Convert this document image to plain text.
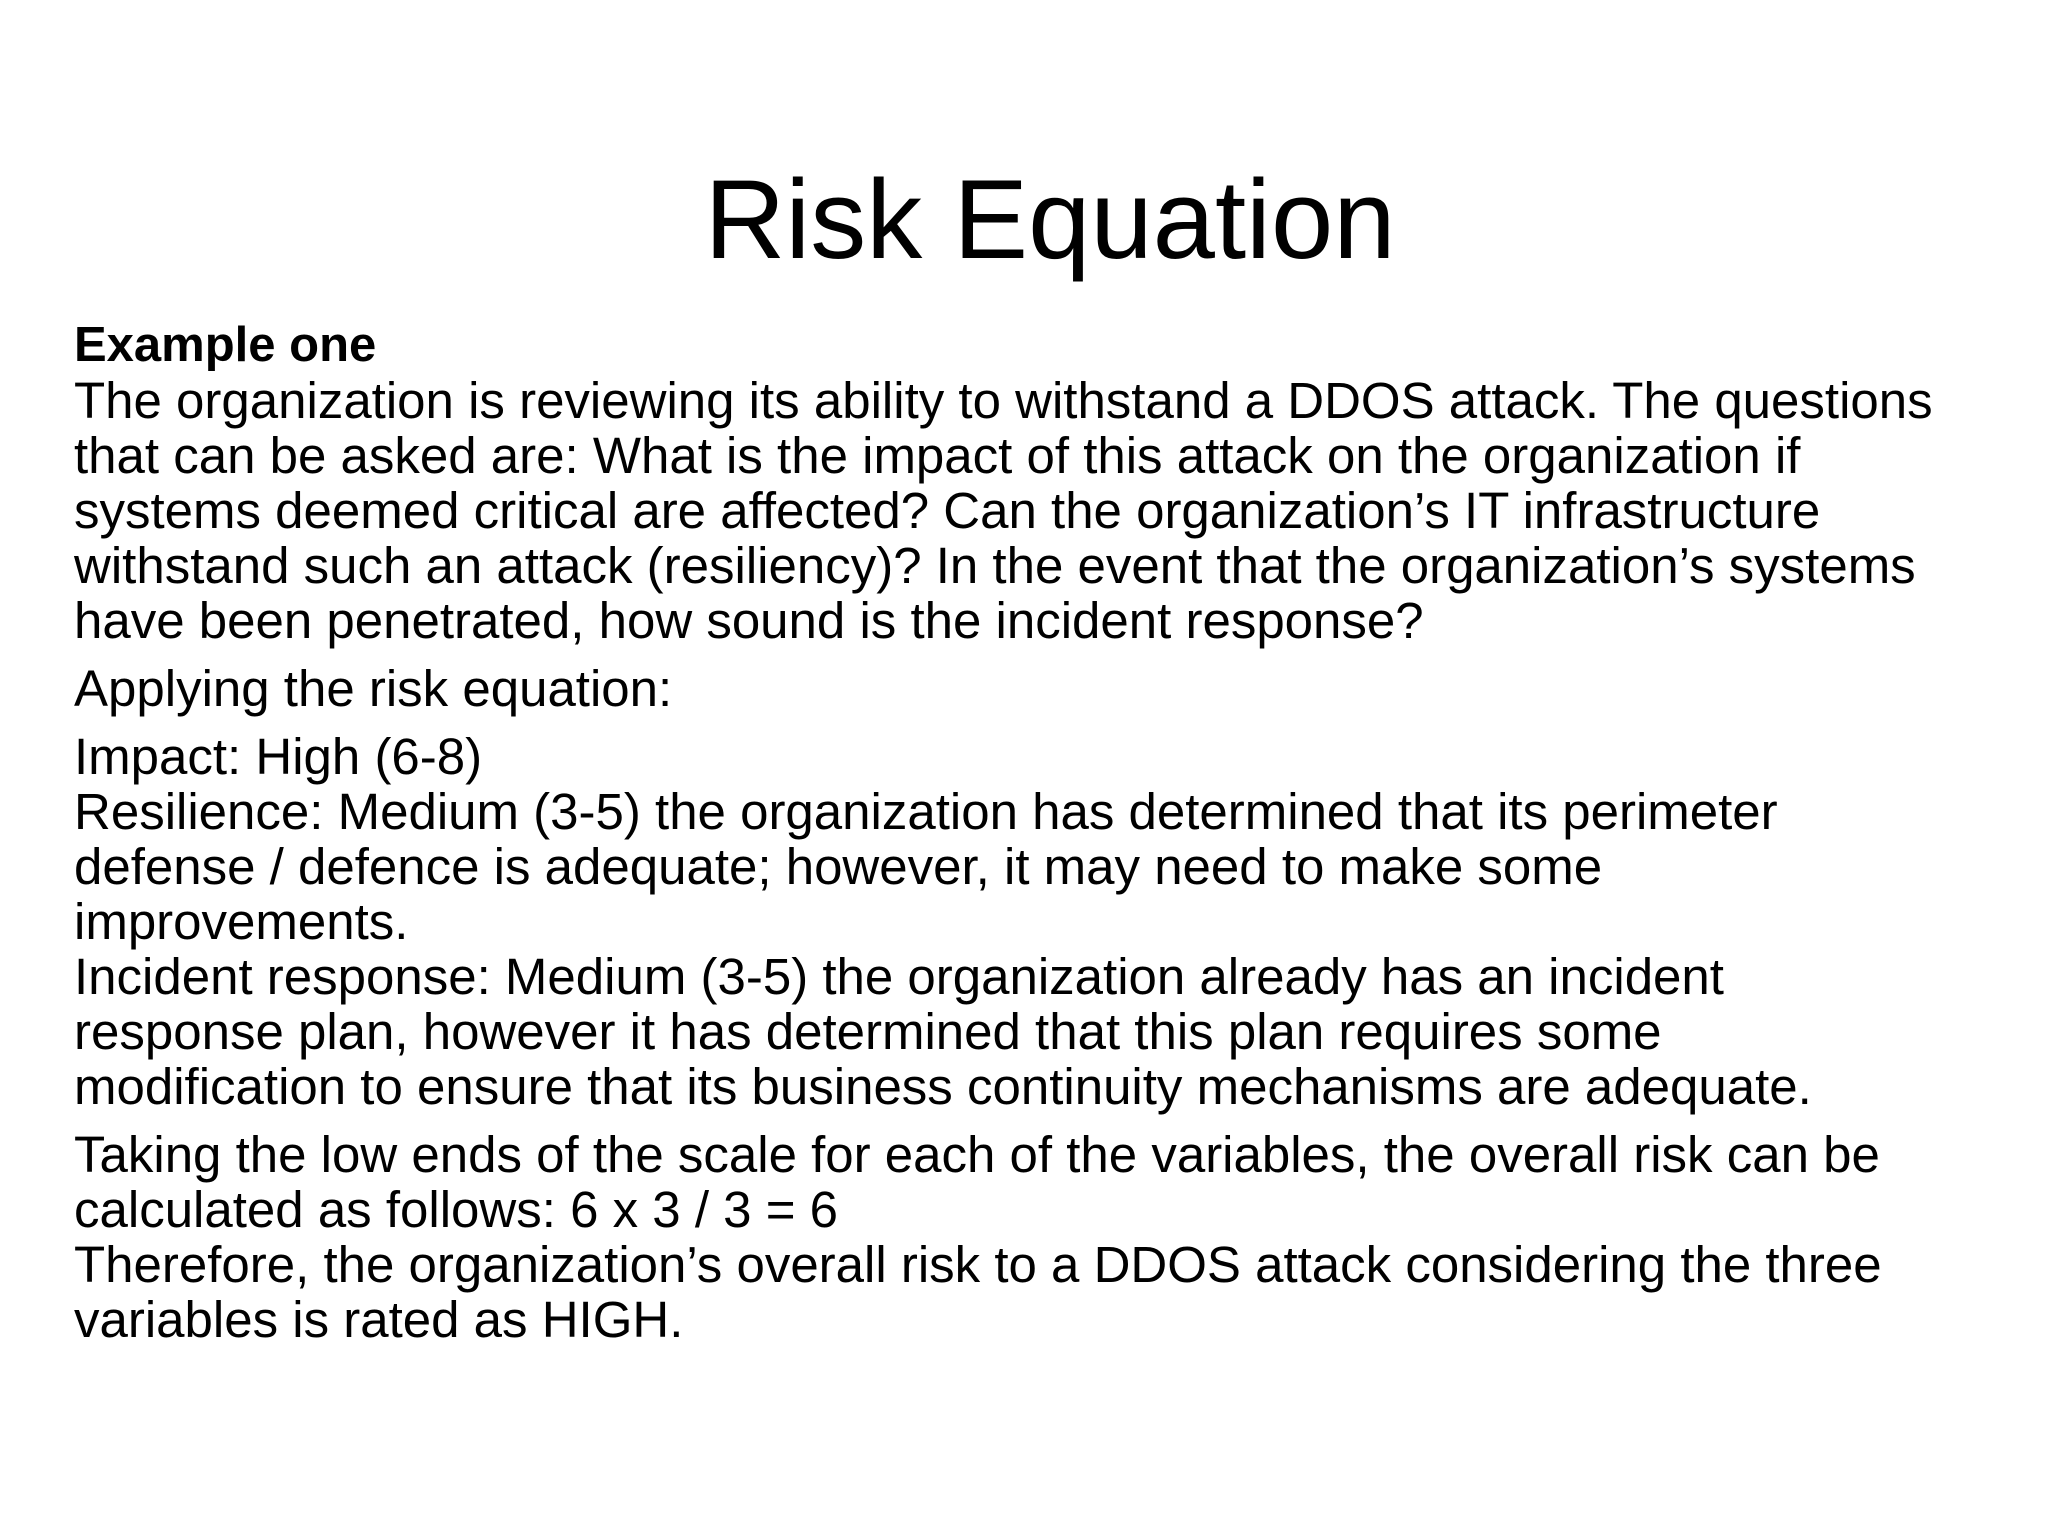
Risk Equation
Example one
The organization is reviewing its ability to withstand a DDOS attack. The questions
that can be asked are: What is the impact of this attack on the organization if
systems deemed critical are affected? Can the organization’s IT infrastructure
withstand such an attack (resiliency)? In the event that the organization’s systems
have been penetrated, how sound is the incident response?
Applying the risk equation:
Impact: High (6-8)
Resilience: Medium (3-5) the organization has determined that its perimeter
defense / defence is adequate; however, it may need to make some
improvements.
Incident response: Medium (3-5) the organization already has an incident
response plan, however it has determined that this plan requires some
modification to ensure that its business continuity mechanisms are adequate.
Taking the low ends of the scale for each of the variables, the overall risk can be
calculated as follows: 6 x 3 / 3 = 6
Therefore, the organization’s overall risk to a DDOS attack considering the three
variables is rated as HIGH.
